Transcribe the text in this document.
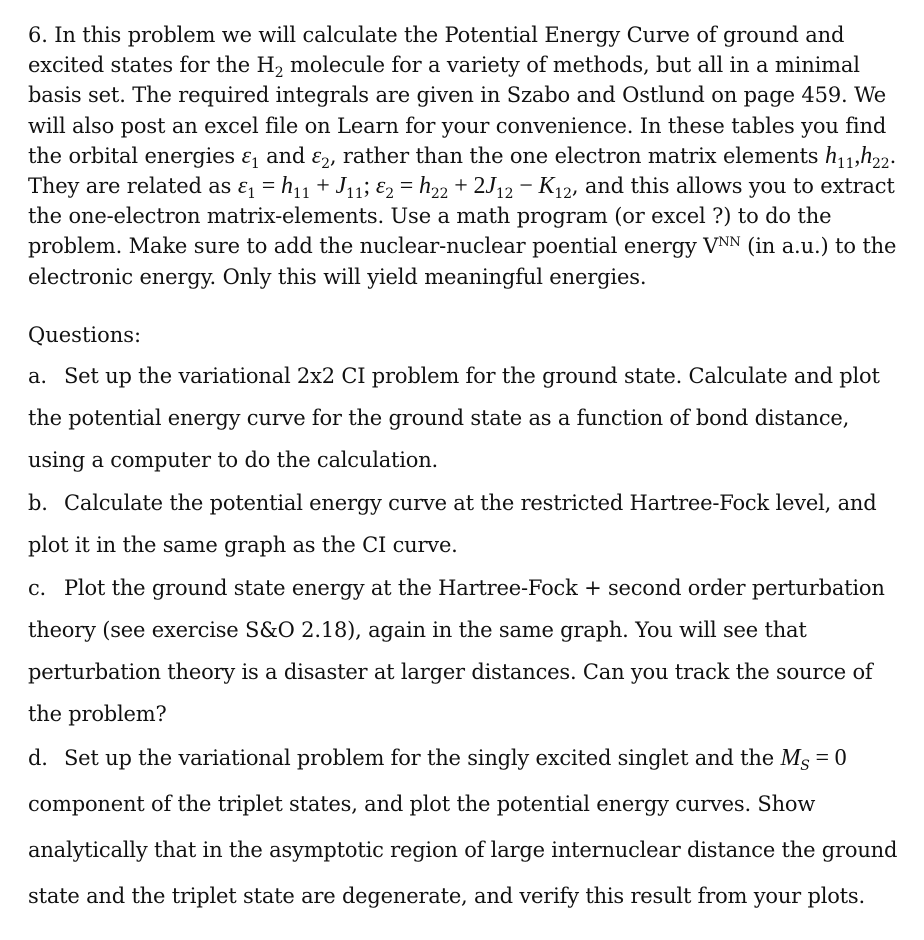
6. In this problem we will calculate the Potential Energy Curve of ground and excited states for the $H_2$ molecule for a variety of methods, but all in a minimal basis set. The required integrals are given in Szabo and Ostlund on page 459. We will also post an excel file on Learn for your convenience. In these tables you find the orbital energies $\varepsilon_1$ and $\varepsilon_2$, rather than the one electron matrix elements $h_{11},h_{22}$. They are related as $\varepsilon_1 = h_{11} + J_{11}$; $\varepsilon_2 = h_{22} + 2J_{12} - K_{12}$, and this allows you to extract the one-electron matrix-elements. Use a math program (or excel ?) to do the problem. Make sure to add the nuclear-nuclear poential energy $V^{NN}$ (in a.u.) to the electronic energy. Only this will yield meaningful energies.

Questions:

a. Set up the variational 2x2 CI problem for the ground state. Calculate and plot the potential energy curve for the ground state as a function of bond distance, using a computer to do the calculation.

b. Calculate the potential energy curve at the restricted Hartree-Fock level, and plot it in the same graph as the CI curve.

c. Plot the ground state energy at the Hartree-Fock + second order perturbation theory (see exercise S&O 2.18), again in the same graph. You will see that perturbation theory is a disaster at larger distances. Can you track the source of the problem?

d. Set up the variational problem for the singly excited singlet and the $M_S = 0$
component of the triplet states, and plot the potential energy curves. Show analytically that in the asymptotic region of large internuclear distance the ground state and the triplet state are degenerate, and verify this result from your plots.
